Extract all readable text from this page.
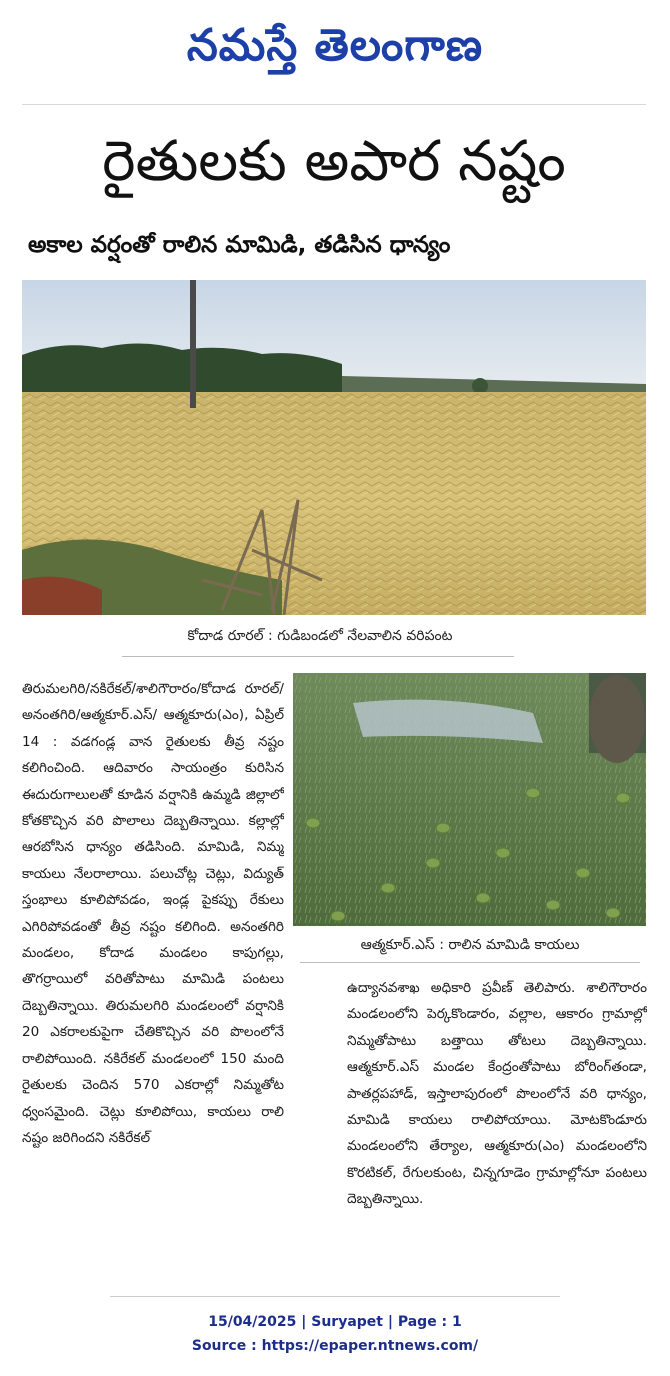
నమస్తే తెలంగాణ
రైతులకు అపార నష్టం
అకాల వర్షంతో రాలిన మామిడి, తడిసిన ధాన్యం
కోదాడ రూరల్ : గుడిబండలో నేలవాలిన వరిపంట
ఆత్మకూర్.ఎస్ : రాలిన మామిడి కాయలు
తిరుమలగిరి/నకిరేకల్/శాలిగౌరారం/కోదాడ రూరల్/అనంతగిరి/ఆత్మకూర్.ఎస్/ ఆత్మకూరు(ఎం), ఏప్రిల్ 14 : వడగండ్ల వాన రైతులకు తీవ్ర నష్టం కలిగించింది. ఆదివారం సాయంత్రం కురిసిన ఈదురుగాలులతో కూడిన వర్షానికి ఉమ్మడి జిల్లాలో కోతకొచ్చిన వరి పొలాలు దెబ్బతిన్నాయి. కల్లాల్లో ఆరబోసిన ధాన్యం తడిసింది. మామిడి, నిమ్మ కాయలు నేలరాలాయి. పలుచోట్ల చెట్లు, విద్యుత్ స్తంభాలు కూలిపోవడం, ఇండ్ల పైకప్పు రేకులు ఎగిరిపోవడంతో తీవ్ర నష్టం కలిగింది. అనంతగిరి మండలం, కోదాడ మండలం కాపుగల్లు, తొగర్రాయిలో వరితోపాటు మామిడి పంటలు దెబ్బతిన్నాయి. తిరుమలగిరి మండలంలో వర్షానికి 20 ఎకరాలకుపైగా చేతికొచ్చిన వరి పొలంలోనే రాలిపోయింది. నకిరేకల్ మండలంలో 150 మంది రైతులకు చెందిన 570 ఎకరాల్లో నిమ్మతోట ధ్వంసమైంది. చెట్లు కూలిపోయి, కాయలు రాలి నష్టం జరిగిందని నకిరేకల్
ఉద్యానవశాఖ అధికారి ప్రవీణ్ తెలిపారు. శాలిగౌరారం మండలంలోని పెర్కకొండారం, వల్లాల, ఆకారం గ్రామాల్లో నిమ్మతోపాటు బత్తాయి తోటలు దెబ్బతిన్నాయి. ఆత్మకూర్.ఎస్ మండల కేంద్రంతోపాటు బోరింగ్‌తండా, పాతర్లపహాడ్, ఇస్తాలాపురంలో పొలంలోనే వరి ధాన్యం, మామిడి కాయలు రాలిపోయాయి. మోటకొండూరు మండలంలోని తేర్యాల, ఆత్మకూరు(ఎం) మండలంలోని కొరటికల్, రేగులకుంట, చిన్నగూడెం గ్రామాల్లోనూ పంటలు దెబ్బతిన్నాయి.
15/04/2025 | Suryapet | Page : 1
Source : https://epaper.ntnews.com/
